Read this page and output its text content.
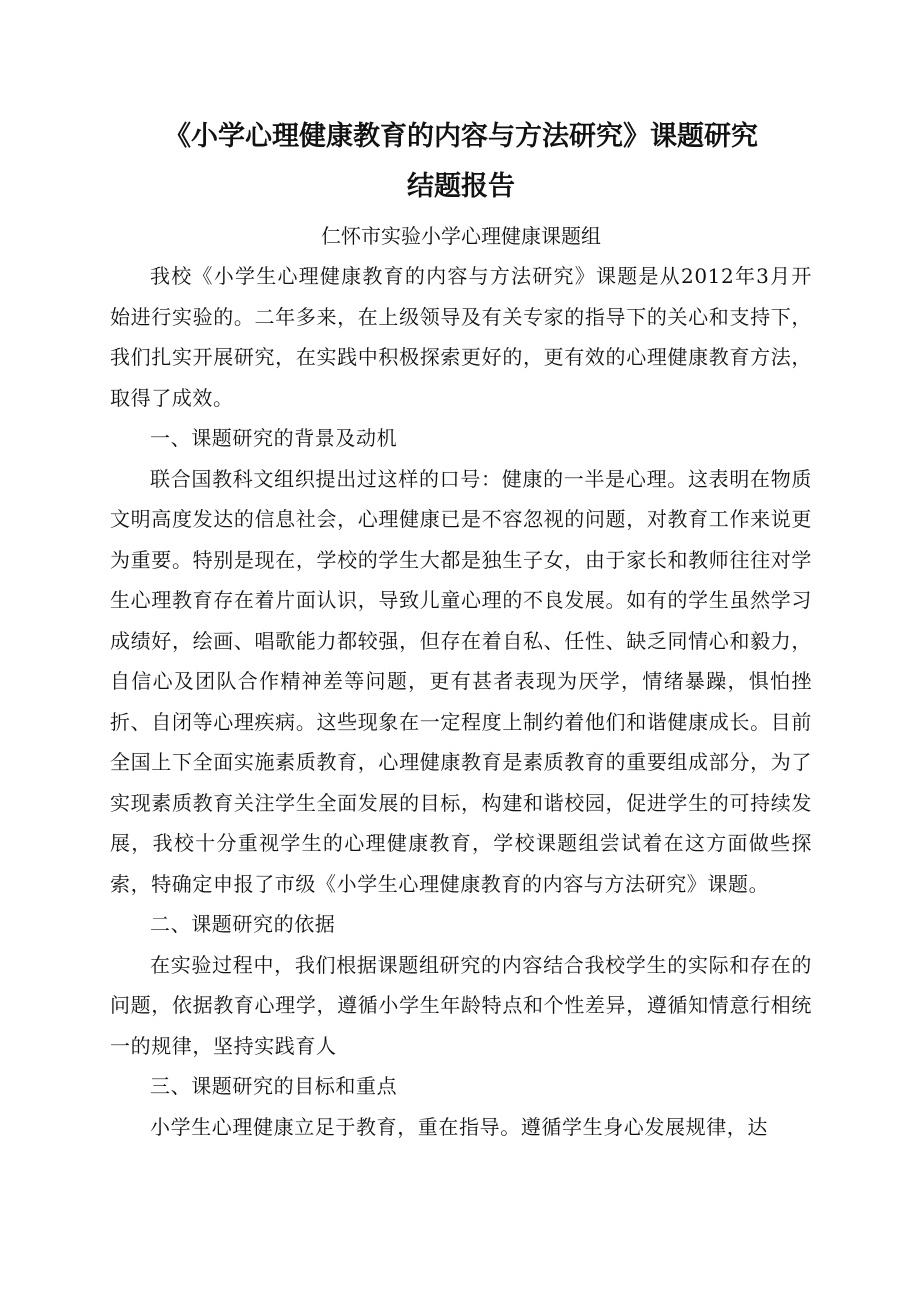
《小学心理健康教育的内容与方法研究》课题研究
结题报告
仁怀市实验小学心理健康课题组

我校《小学生心理健康教育的内容与方法研究》课题是从2012年3月开始进行实验的。二年多来，在上级领导及有关专家的指导下的关心和支持下，我们扎实开展研究，在实践中积极探索更好的，更有效的心理健康教育方法，取得了成效。

一、课题研究的背景及动机

联合国教科文组织提出过这样的口号：健康的一半是心理。这表明在物质文明高度发达的信息社会，心理健康已是不容忽视的问题，对教育工作来说更为重要。特别是现在，学校的学生大都是独生子女，由于家长和教师往往对学生心理教育存在着片面认识，导致儿童心理的不良发展。如有的学生虽然学习成绩好，绘画、唱歌能力都较强，但存在着自私、任性、缺乏同情心和毅力，自信心及团队合作精神差等问题，更有甚者表现为厌学，情绪暴躁，惧怕挫折、自闭等心理疾病。这些现象在一定程度上制约着他们和谐健康成长。目前全国上下全面实施素质教育，心理健康教育是素质教育的重要组成部分，为了实现素质教育关注学生全面发展的目标，构建和谐校园，促进学生的可持续发展，我校十分重视学生的心理健康教育，学校课题组尝试着在这方面做些探索，特确定申报了市级《小学生心理健康教育的内容与方法研究》课题。

二、课题研究的依据

在实验过程中，我们根据课题组研究的内容结合我校学生的实际和存在的问题，依据教育心理学，遵循小学生年龄特点和个性差异，遵循知情意行相统一的规律，坚持实践育人

三、课题研究的目标和重点

小学生心理健康立足于教育，重在指导。遵循学生身心发展规律，达
